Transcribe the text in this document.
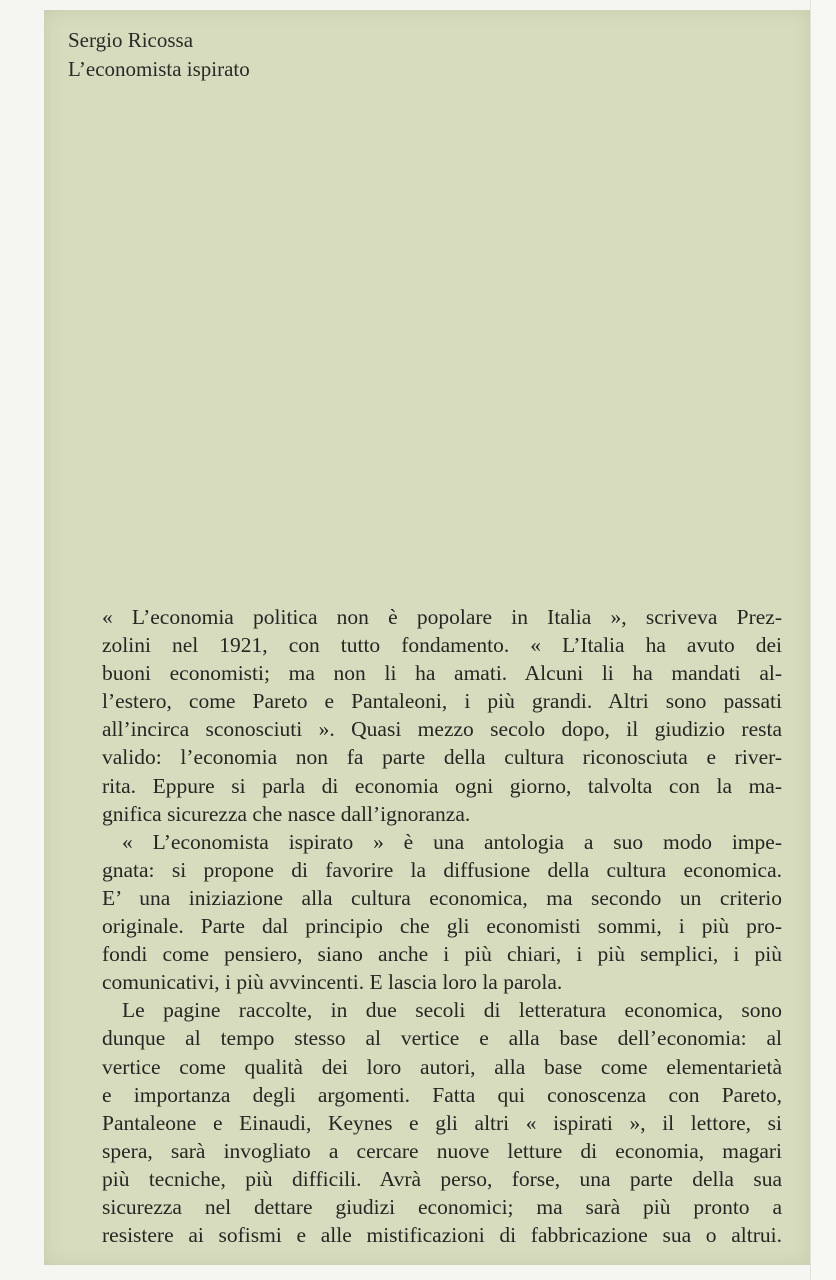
Sergio Ricossa
L’economista ispirato
« L’economia politica non è popolare in Italia », scriveva Prez-
zolini nel 1921, con tutto fondamento. « L’Italia ha avuto dei
buoni economisti; ma non li ha amati. Alcuni li ha mandati al-
l’estero, come Pareto e Pantaleoni, i più grandi. Altri sono passati
all’incirca sconosciuti ». Quasi mezzo secolo dopo, il giudizio resta
valido: l’economia non fa parte della cultura riconosciuta e river-
rita. Eppure si parla di economia ogni giorno, talvolta con la ma-
gnifica sicurezza che nasce dall’ignoranza.
« L’economista ispirato » è una antologia a suo modo impe-
gnata: si propone di favorire la diffusione della cultura economica.
E’ una iniziazione alla cultura economica, ma secondo un criterio
originale. Parte dal principio che gli economisti sommi, i più pro-
fondi come pensiero, siano anche i più chiari, i più semplici, i più
comunicativi, i più avvincenti. E lascia loro la parola.
Le pagine raccolte, in due secoli di letteratura economica, sono
dunque al tempo stesso al vertice e alla base dell’economia: al
vertice come qualità dei loro autori, alla base come elementarietà
e importanza degli argomenti. Fatta qui conoscenza con Pareto,
Pantaleone e Einaudi, Keynes e gli altri « ispirati », il lettore, si
spera, sarà invogliato a cercare nuove letture di economia, magari
più tecniche, più difficili. Avrà perso, forse, una parte della sua
sicurezza nel dettare giudizi economici; ma sarà più pronto a
resistere ai sofismi e alle mistificazioni di fabbricazione sua o altrui.
